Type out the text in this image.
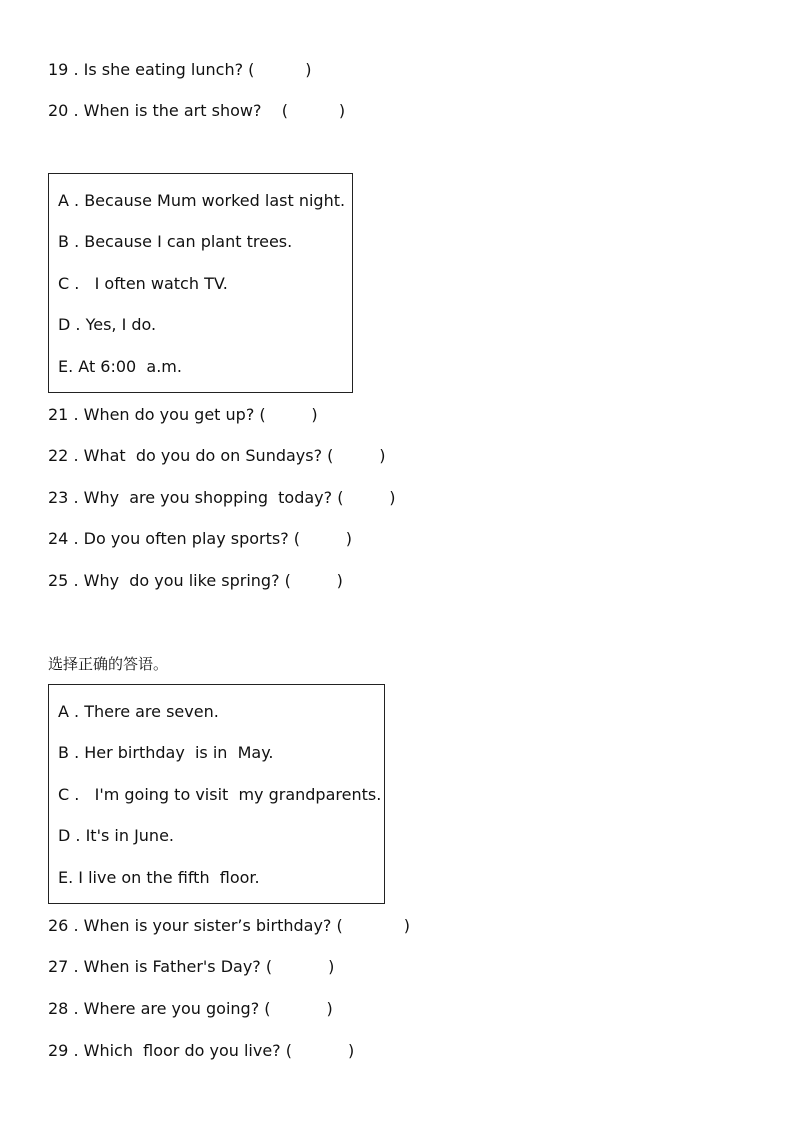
19 . Is she eating lunch? (          )
20 . When is the art show?    (          )
A . Because Mum worked last night.
B . Because I can plant trees.
C .   I often watch TV.
D . Yes, I do.
E. At 6:00  a.m.
21 . When do you get up? (         )
22 . What  do you do on Sundays? (         )
23 . Why  are you shopping  today? (         )
24 . Do you often play sports? (         )
25 . Why  do you like spring? (         )
选择正确的答语。
A . There are seven.
B . Her birthday  is in  May.
C .   I'm going to visit  my grandparents.
D . It's in June.
E. I live on the fifth  floor.
26 . When is your sister’s birthday? (            )
27 . When is Father's Day? (           )
28 . Where are you going? (           )
29 . Which  floor do you live? (           )
